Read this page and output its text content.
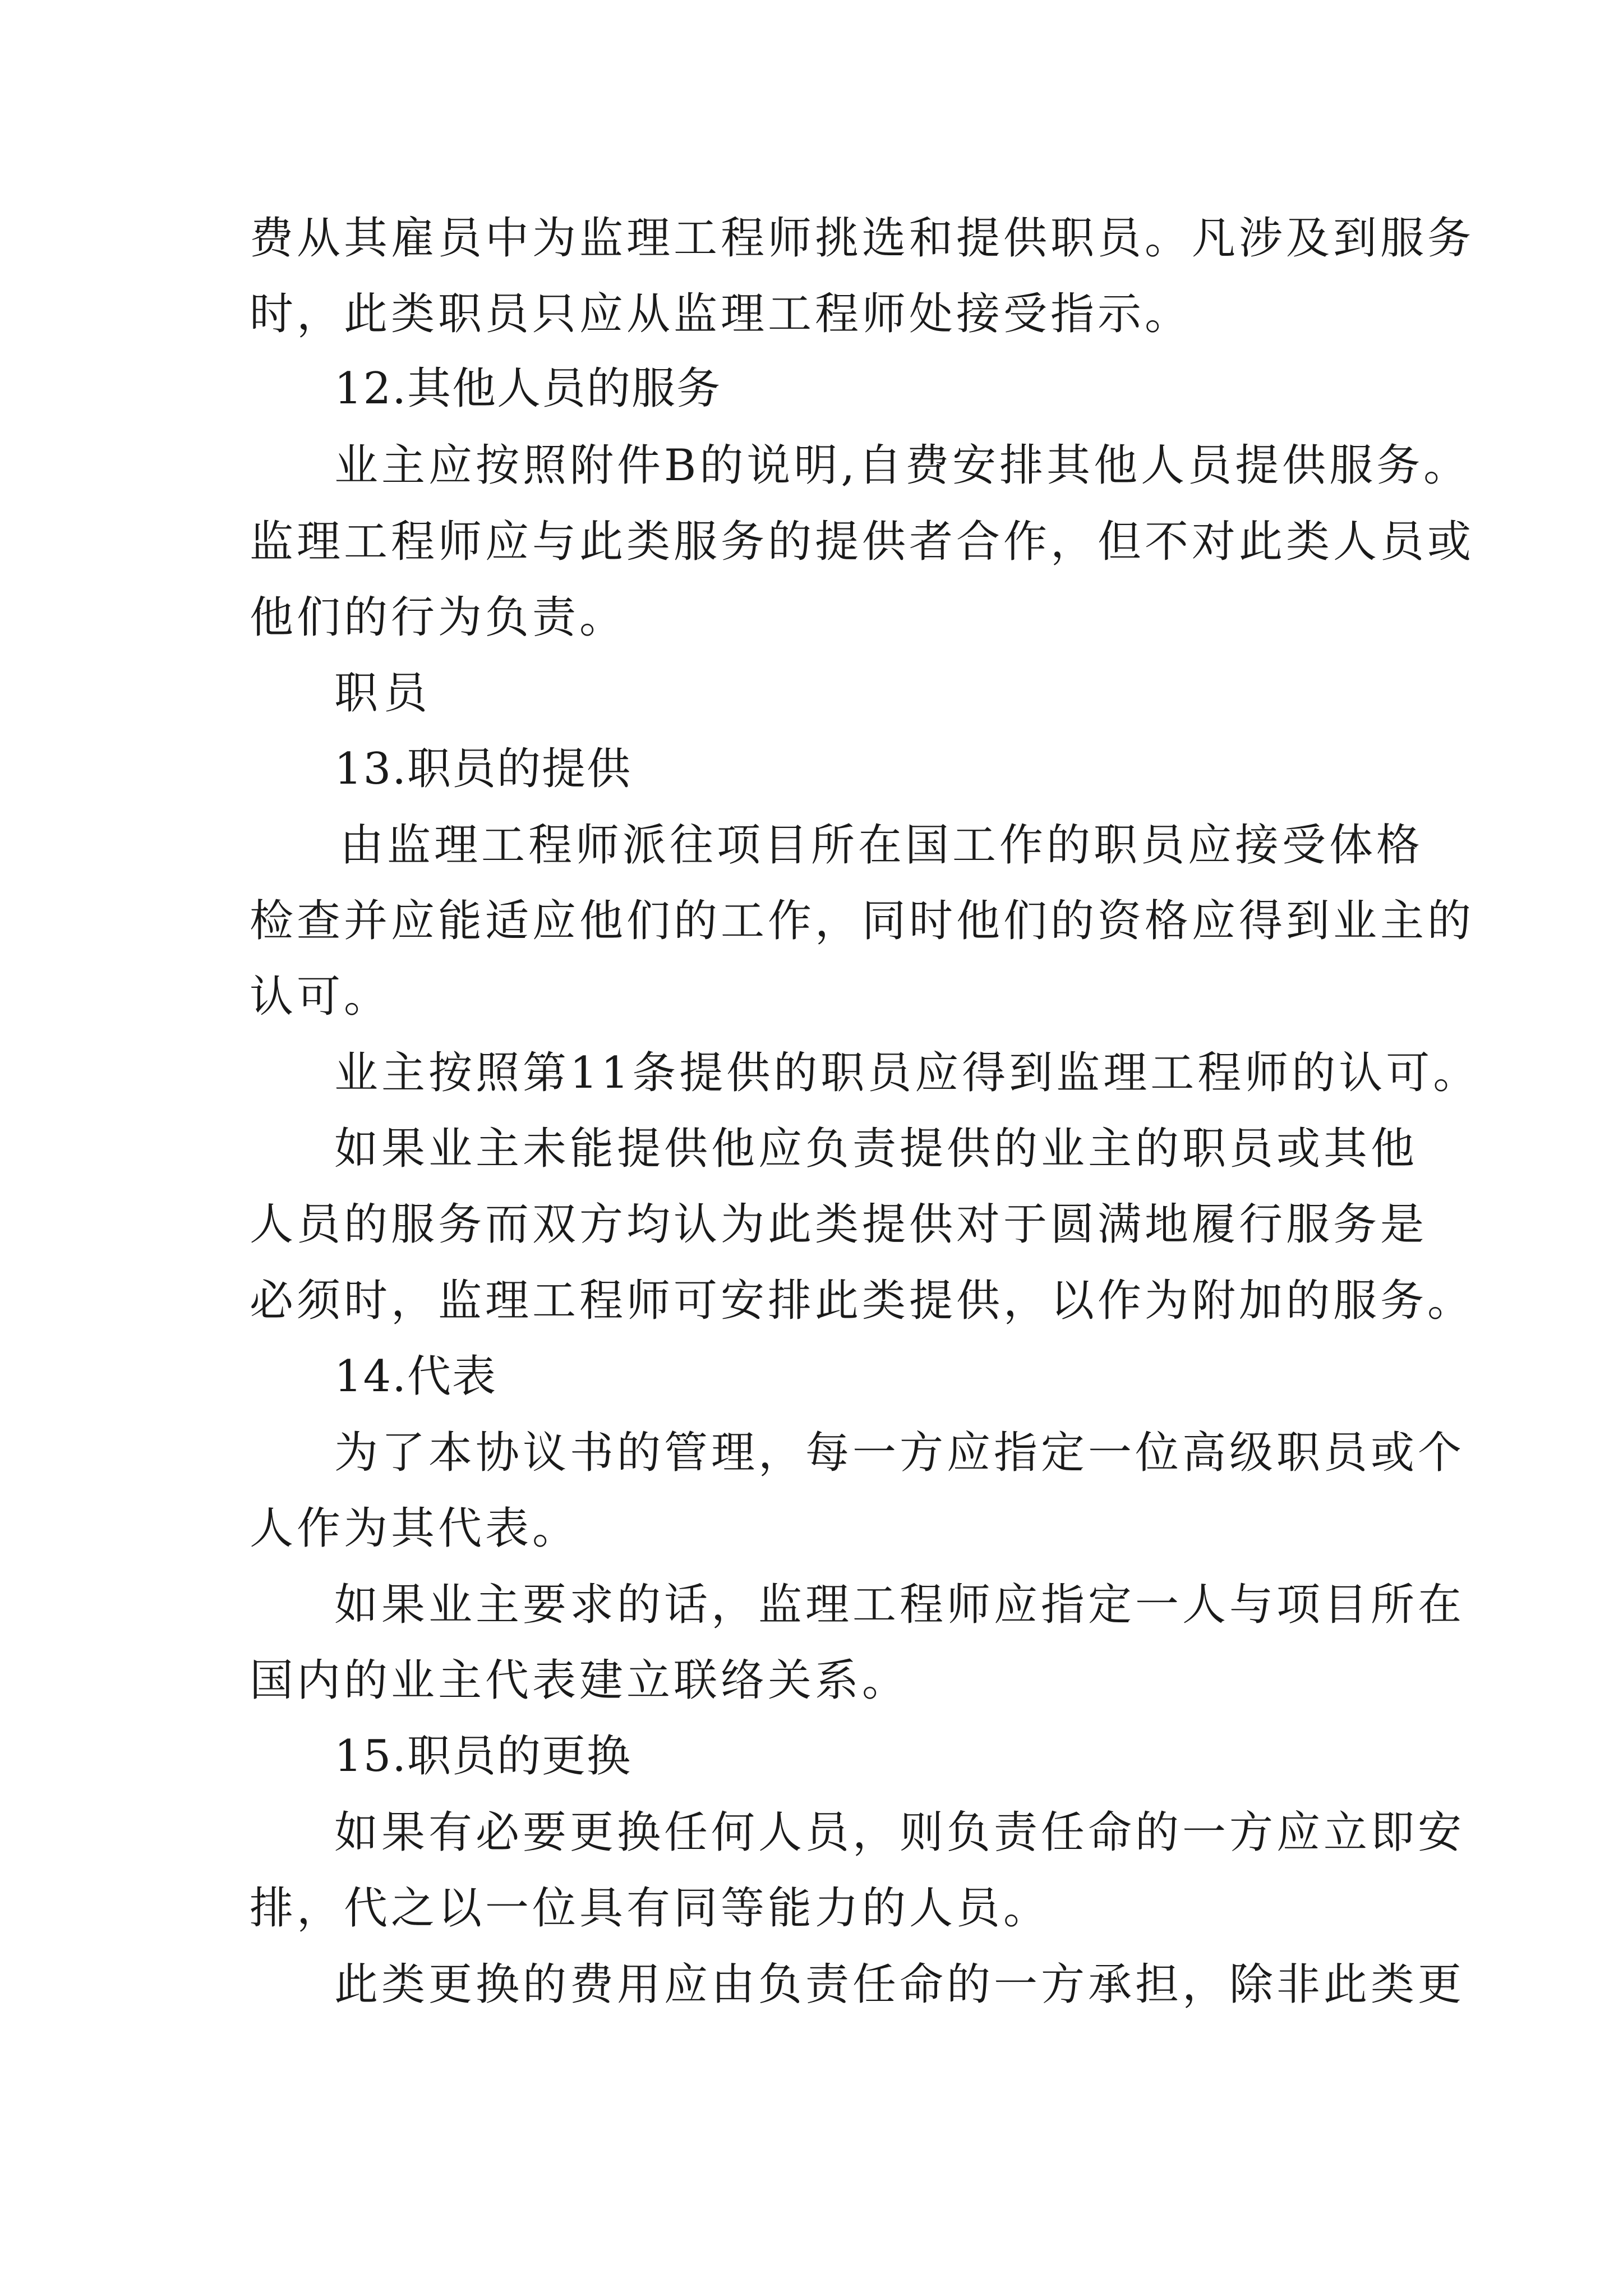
费从其雇员中为监理工程师挑选和提供职员。凡涉及到服务
时，此类职员只应从监理工程师处接受指示。
12.其他人员的服务
业主应按照附件B的说明,自费安排其他人员提供服务。
监理工程师应与此类服务的提供者合作，但不对此类人员或
他们的行为负责。
职员
13.职员的提供
由监理工程师派往项目所在国工作的职员应接受体格
检查并应能适应他们的工作，同时他们的资格应得到业主的
认可。
业主按照第11条提供的职员应得到监理工程师的认可。
如果业主未能提供他应负责提供的业主的职员或其他
人员的服务而双方均认为此类提供对于圆满地履行服务是
必须时，监理工程师可安排此类提供，以作为附加的服务。
14.代表
为了本协议书的管理，每一方应指定一位高级职员或个
人作为其代表。
如果业主要求的话，监理工程师应指定一人与项目所在
国内的业主代表建立联络关系。
15.职员的更换
如果有必要更换任何人员，则负责任命的一方应立即安
排，代之以一位具有同等能力的人员。
此类更换的费用应由负责任命的一方承担，除非此类更
